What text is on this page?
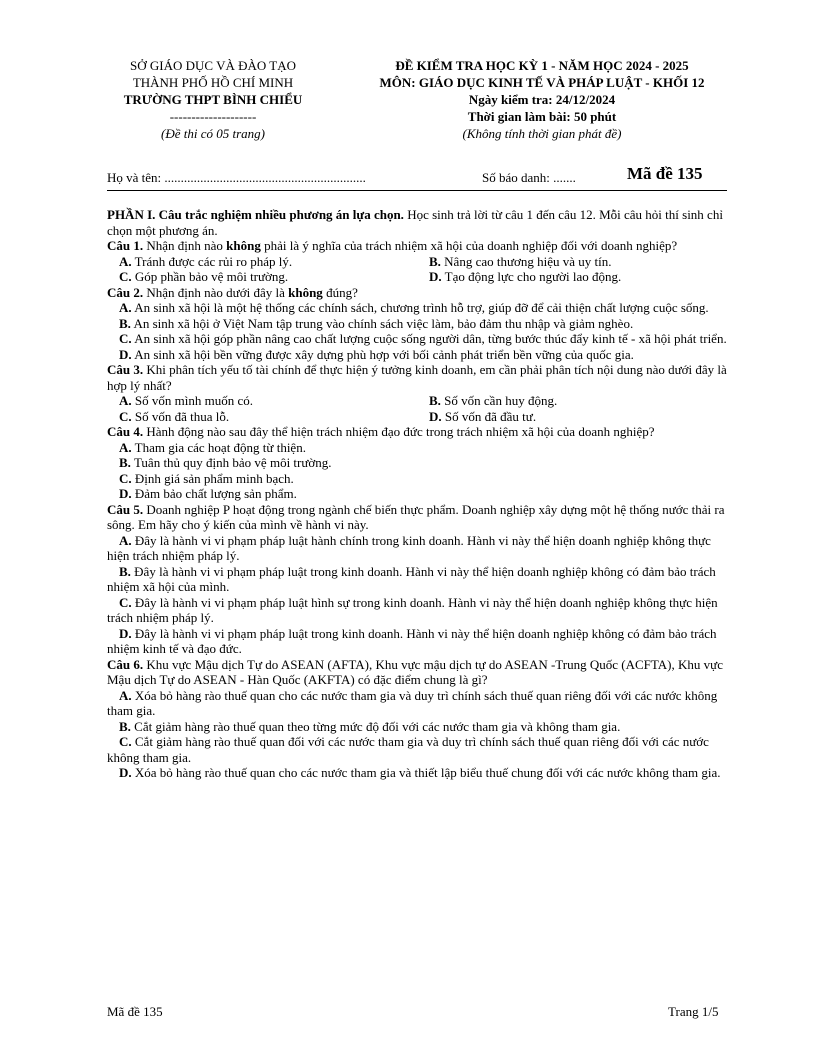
SỞ GIÁO DỤC VÀ ĐÀO TẠO
THÀNH PHỐ HỒ CHÍ MINH
TRƯỜNG THPT BÌNH CHIỂU
--------------------
(Đề thi có 05 trang)
ĐỀ KIỂM TRA HỌC KỲ 1 - NĂM HỌC 2024 - 2025
MÔN: GIÁO DỤC KINH TẾ VÀ PHÁP LUẬT - KHỐI 12
Ngày kiểm tra: 24/12/2024
Thời gian làm bài: 50 phút
(Không tính thời gian phát đề)
Họ và tên: ..............................................................	Số báo danh: .......	Mã đề 135

PHẦN I. Câu trắc nghiệm nhiều phương án lựa chọn. Học sinh trả lời từ câu 1 đến câu 12. Mỗi câu hỏi thí sinh chỉ chọn một phương án.

Câu 1. Nhận định nào không phải là ý nghĩa của trách nhiệm xã hội của doanh nghiệp đối với doanh nghiệp?

A. Tránh được các rủi ro pháp lý.	B. Nâng cao thương hiệu và uy tín.
C. Góp phần bảo vệ môi trường.	D. Tạo động lực cho người lao động.

Câu 2. Nhận định nào dưới đây là không đúng?

A. An sinh xã hội là một hệ thống các chính sách, chương trình hỗ trợ, giúp đỡ để cải thiện chất lượng cuộc sống.

B. An sinh xã hội ở Việt Nam tập trung vào chính sách việc làm, bảo đảm thu nhập và giảm nghèo.

C. An sinh xã hội góp phần nâng cao chất lượng cuộc sống người dân, từng bước thúc đẩy kinh tế - xã hội phát triển.

D. An sinh xã hội bền vững được xây dựng phù hợp với bối cảnh phát triển bền vững của quốc gia.

Câu 3. Khi phân tích yếu tố tài chính để thực hiện ý tưởng kinh doanh, em cần phải phân tích nội dung nào dưới đây là hợp lý nhất?

A. Số vốn mình muốn có.	B. Số vốn cần huy động.
C. Số vốn đã thua lỗ.	D. Số vốn đã đầu tư.

Câu 4. Hành động nào sau đây thể hiện trách nhiệm đạo đức trong trách nhiệm xã hội của doanh nghiệp?

A. Tham gia các hoạt động từ thiện.

B. Tuân thủ quy định bảo vệ môi trường.

C. Định giá sản phẩm minh bạch.

D. Đảm bảo chất lượng sản phẩm.

Câu 5. Doanh nghiệp P hoạt động trong ngành chế biến thực phẩm. Doanh nghiệp xây dựng một hệ thống nước thải ra sông. Em hãy cho ý kiến của mình về hành vi này.

A. Đây là hành vi vi phạm pháp luật hành chính trong kinh doanh. Hành vi này thể hiện doanh nghiệp không thực hiện trách nhiệm pháp lý.

B. Đây là hành vi vi phạm pháp luật trong kinh doanh. Hành vi này thể hiện doanh nghiệp không có đảm bảo trách nhiệm xã hội của mình.

C. Đây là hành vi vi phạm pháp luật hình sự trong kinh doanh. Hành vi này thể hiện doanh nghiệp không thực hiện trách nhiệm pháp lý.

D. Đây là hành vi vi phạm pháp luật trong kinh doanh. Hành vi này thể hiện doanh nghiệp không có đảm bảo trách nhiệm kinh tế và đạo đức.

Câu 6. Khu vực Mậu dịch Tự do ASEAN (AFTA), Khu vực mậu dịch tự do ASEAN -Trung Quốc (ACFTA), Khu vực Mậu dịch Tự do ASEAN - Hàn Quốc (AKFTA) có đặc điểm chung là gì?

A. Xóa bỏ hàng rào thuế quan cho các nước tham gia và duy trì chính sách thuế quan riêng đối với các nước không tham gia.

B. Cắt giảm hàng rào thuế quan theo từng mức độ đối với các nước tham gia và không tham gia.

C. Cắt giảm hàng rào thuế quan đối với các nước tham gia và duy trì chính sách thuế quan riêng đối với các nước không tham gia.

D. Xóa bỏ hàng rào thuế quan cho các nước tham gia và thiết lập biểu thuế chung đối với các nước không tham gia.

Mã đề 135	Trang 1/5
